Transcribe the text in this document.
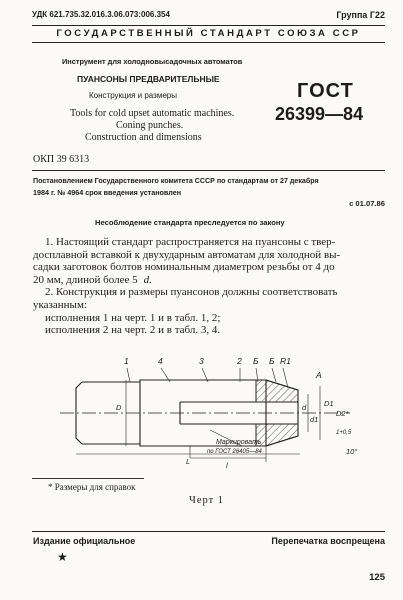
УДК 621.735.32.016.3.06.073:006.354	Группа Г22
ГОСУДАРСТВЕННЫЙ СТАНДАРТ СОЮЗА ССР
Инструмент для холодновысадочных автоматов
ПУАНСОНЫ ПРЕДВАРИТЕЛЬНЫЕ
Конструкция и размеры
Tools for cold upset automatic machines.
Coning punches.
Construction and dimensions
ГОСТ
26399—84
ОКП 39 6313
Постановлением Государственного комитета СССР по стандартам от 27 декабря
1984 г. № 4964 срок введения установлен
с 01.07.86
Несоблюдение стандарта преследуется по закону
1. Настоящий стандарт распространяется на пуансоны с твер-
досплавной вставкой к двухударным автоматам для холодной вы-
садки заготовок болтов номинальным диаметром резьбы от 4 до
20 мм, длиной более 5 d.
2. Конструкция и размеры пуансонов должны соответствовать
указанным:
исполнения 1 на черт. 1 и в табл. 1, 2;
исполнения 2 на черт. 2 и в табл. 3, 4.
1	4	3	2 Б Б R1
A
D
l
L
d
d1
D1
D2*
1+0,5
10°
Маркировать
по ГОСТ 26405—84
* Размеры для справок
Черт 1
Издание официальное	Перепечатка воспрещена
★
125
